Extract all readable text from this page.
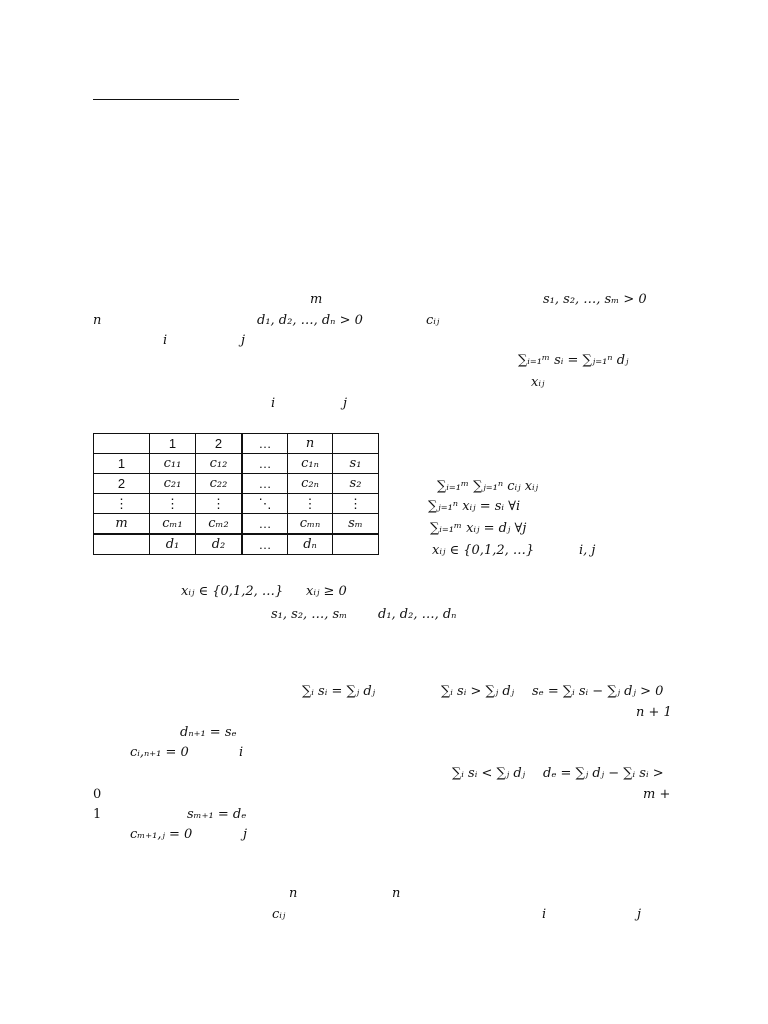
m	s₁, s₂, …, sₘ > 0
n	d₁, d₂, …, dₙ > 0	cᵢⱼ
i	j
∑ᵢ₌₁ᵐ sᵢ = ∑ⱼ₌₁ⁿ dⱼ
xᵢⱼ
i	j
	1	2	…	n	
1	c₁₁	c₁₂	…	c₁ₙ	s₁
2	c₂₁	c₂₂	…	c₂ₙ	s₂
⋮	⋮	⋮	⋱	⋮	⋮
m	cₘ₁	cₘ₂	…	cₘₙ	sₘ
	d₁	d₂	…	dₙ	
∑ᵢ₌₁ᵐ ∑ⱼ₌₁ⁿ cᵢⱼ xᵢⱼ
∑ⱼ₌₁ⁿ xᵢⱼ = sᵢ ∀i
∑ᵢ₌₁ᵐ xᵢⱼ = dⱼ ∀j
xᵢⱼ ∈ {0,1,2, …}	i, j
xᵢⱼ ∈ {0,1,2, …} xᵢⱼ ≥ 0
s₁, s₂, …, sₘ d₁, d₂, …, dₙ
∑ᵢ sᵢ = ∑ⱼ dⱼ	∑ᵢ sᵢ > ∑ⱼ dⱼ sₑ = ∑ᵢ sᵢ − ∑ⱼ dⱼ > 0
n + 1
dₙ₊₁ = sₑ
cᵢ,ₙ₊₁ = 0	i
∑ᵢ sᵢ < ∑ⱼ dⱼ dₑ = ∑ⱼ dⱼ − ∑ᵢ sᵢ >
0	m +
1	sₘ₊₁ = dₑ
cₘ₊₁,ⱼ = 0	j
n	n
cᵢⱼ	i	j
